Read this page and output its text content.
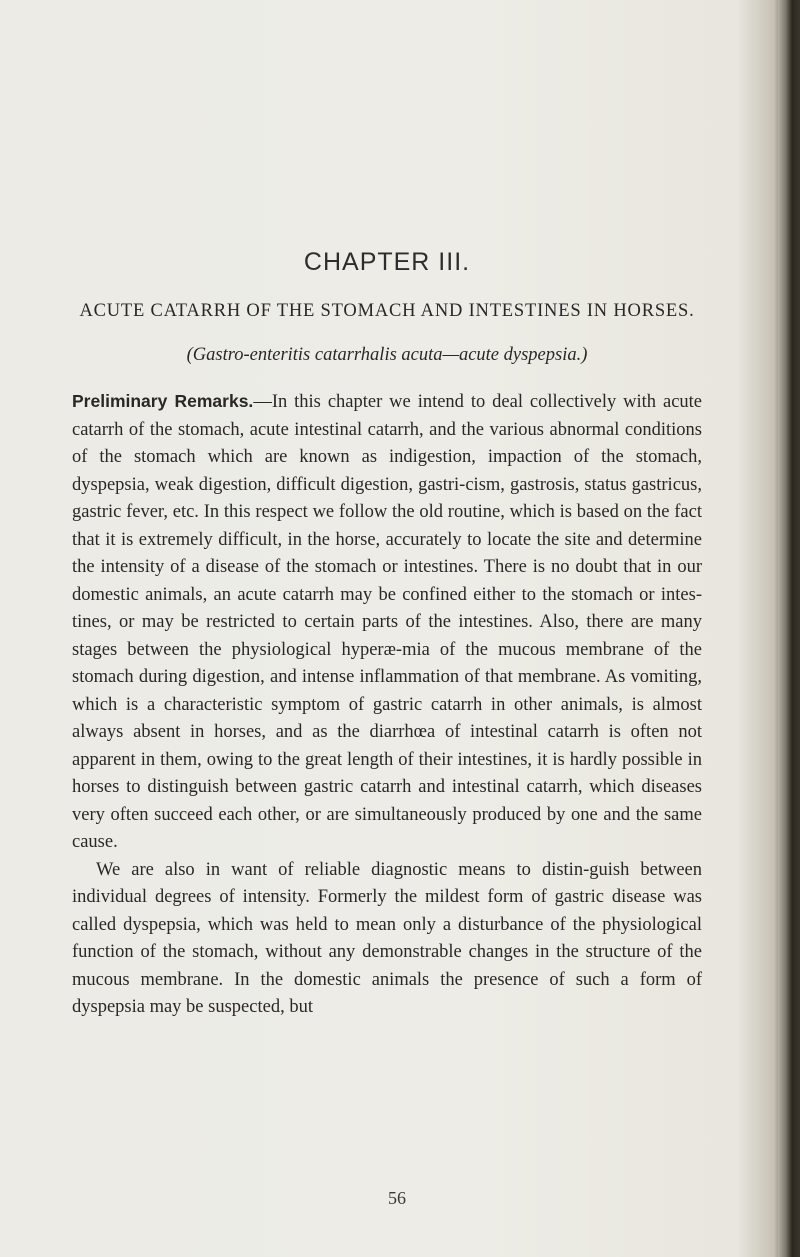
CHAPTER III.
ACUTE CATARRH OF THE STOMACH AND INTESTINES IN HORSES.

(Gastro-enteritis catarrhalis acuta—acute dyspepsia.)

Preliminary Remarks.—In this chapter we intend to deal collectively with acute catarrh of the stomach, acute intestinal catarrh, and the various abnormal conditions of the stomach which are known as indigestion, impaction of the stomach, dyspepsia, weak digestion, difficult digestion, gastri-cism, gastrosis, status gastricus, gastric fever, etc. In this respect we follow the old routine, which is based on the fact that it is extremely difficult, in the horse, accurately to locate the site and determine the intensity of a disease of the stomach or intestines. There is no doubt that in our domestic animals, an acute catarrh may be confined either to the stomach or intes-tines, or may be restricted to certain parts of the intestines. Also, there are many stages between the physiological hyperæ-mia of the mucous membrane of the stomach during digestion, and intense inflammation of that membrane. As vomiting, which is a characteristic symptom of gastric catarrh in other animals, is almost always absent in horses, and as the diarrhœa of intestinal catarrh is often not apparent in them, owing to the great length of their intestines, it is hardly possible in horses to distinguish between gastric catarrh and intestinal catarrh, which diseases very often succeed each other, or are simultaneously produced by one and the same cause.

We are also in want of reliable diagnostic means to distin-guish between individual degrees of intensity. Formerly the mildest form of gastric disease was called dyspepsia, which was held to mean only a disturbance of the physiological function of the stomach, without any demonstrable changes in the structure of the mucous membrane. In the domestic animals the presence of such a form of dyspepsia may be suspected, but

56
